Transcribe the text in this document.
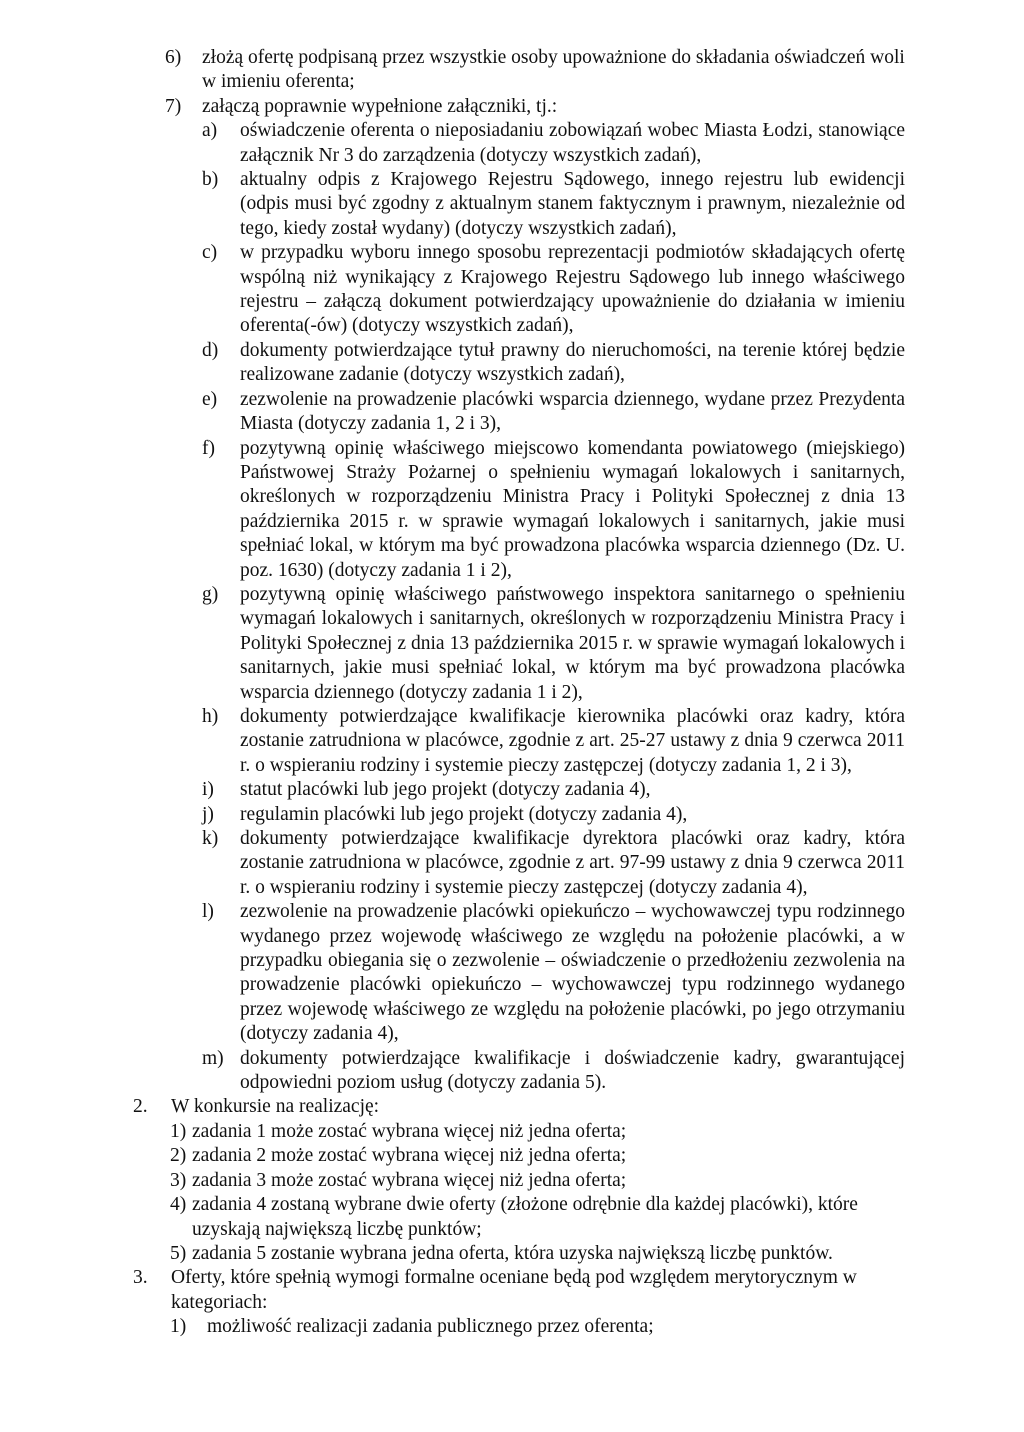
6)	złożą ofertę podpisaną przez wszystkie osoby upoważnione do składania oświadczeń woli w imieniu oferenta;
7)	załączą poprawnie wypełnione załączniki, tj.:
a)	oświadczenie oferenta o nieposiadaniu zobowiązań wobec Miasta Łodzi, stanowiące załącznik Nr 3 do zarządzenia (dotyczy wszystkich zadań),
b)	aktualny odpis z Krajowego Rejestru Sądowego, innego rejestru lub ewidencji (odpis musi być zgodny z aktualnym stanem faktycznym i prawnym, niezależnie od tego, kiedy został wydany) (dotyczy wszystkich zadań),
c)	w przypadku wyboru innego sposobu reprezentacji podmiotów składających ofertę wspólną niż wynikający z Krajowego Rejestru Sądowego lub innego właściwego rejestru – załączą dokument potwierdzający upoważnienie do działania w imieniu oferenta(-ów) (dotyczy wszystkich zadań),
d)	dokumenty potwierdzające tytuł prawny do nieruchomości, na terenie której będzie realizowane zadanie (dotyczy wszystkich zadań),
e)	zezwolenie na prowadzenie placówki wsparcia dziennego, wydane przez Prezydenta Miasta (dotyczy zadania 1, 2 i 3),
f)	pozytywną opinię właściwego miejscowo komendanta powiatowego (miejskiego) Państwowej Straży Pożarnej o spełnieniu wymagań lokalowych i sanitarnych, określonych w rozporządzeniu Ministra Pracy i Polityki Społecznej z dnia 13 października 2015 r. w sprawie wymagań lokalowych i sanitarnych, jakie musi spełniać lokal, w którym ma być prowadzona placówka wsparcia dziennego (Dz. U. poz. 1630) (dotyczy zadania 1 i 2),
g)	pozytywną opinię właściwego państwowego inspektora sanitarnego o spełnieniu wymagań lokalowych i sanitarnych, określonych w rozporządzeniu Ministra Pracy i Polityki Społecznej z dnia 13 października 2015 r. w sprawie wymagań lokalowych i sanitarnych, jakie musi spełniać lokal, w którym ma być prowadzona placówka wsparcia dziennego (dotyczy zadania 1 i 2),
h)	dokumenty potwierdzające kwalifikacje kierownika placówki oraz kadry, która zostanie zatrudniona w placówce, zgodnie z art. 25-27 ustawy z dnia 9 czerwca 2011 r. o wspieraniu rodziny i systemie pieczy zastępczej (dotyczy zadania 1, 2 i 3),
i)	statut placówki lub jego projekt (dotyczy zadania 4),
j)	regulamin placówki lub jego projekt (dotyczy zadania 4),
k)	dokumenty potwierdzające kwalifikacje dyrektora placówki oraz kadry, która zostanie zatrudniona w placówce, zgodnie z art. 97-99 ustawy z dnia 9 czerwca 2011 r. o wspieraniu rodziny i systemie pieczy zastępczej (dotyczy zadania 4),
l)	zezwolenie na prowadzenie placówki opiekuńczo – wychowawczej typu rodzinnego wydanego przez wojewodę właściwego ze względu na położenie placówki, a w przypadku obiegania się o zezwolenie – oświadczenie o przedłożeniu zezwolenia na prowadzenie placówki opiekuńczo – wychowawczej typu rodzinnego wydanego przez wojewodę właściwego ze względu na położenie placówki, po jego otrzymaniu (dotyczy zadania 4),
m) dokumenty potwierdzające kwalifikacje i doświadczenie kadry, gwarantującej odpowiedni poziom usług (dotyczy zadania 5).
2.	W konkursie na realizację:
1) zadania 1 może zostać wybrana więcej niż jedna oferta;
2) zadania 2 może zostać wybrana więcej niż jedna oferta;
3) zadania 3 może zostać wybrana więcej niż jedna oferta;
4) zadania 4 zostaną wybrane dwie oferty (złożone odrębnie dla każdej placówki), które uzyskają największą liczbę punktów;
5) zadania 5 zostanie wybrana jedna oferta, która uzyska największą liczbę punktów.
3.	Oferty, które spełnią wymogi formalne oceniane będą pod względem merytorycznym w kategoriach:
1)	możliwość realizacji zadania publicznego przez oferenta;
